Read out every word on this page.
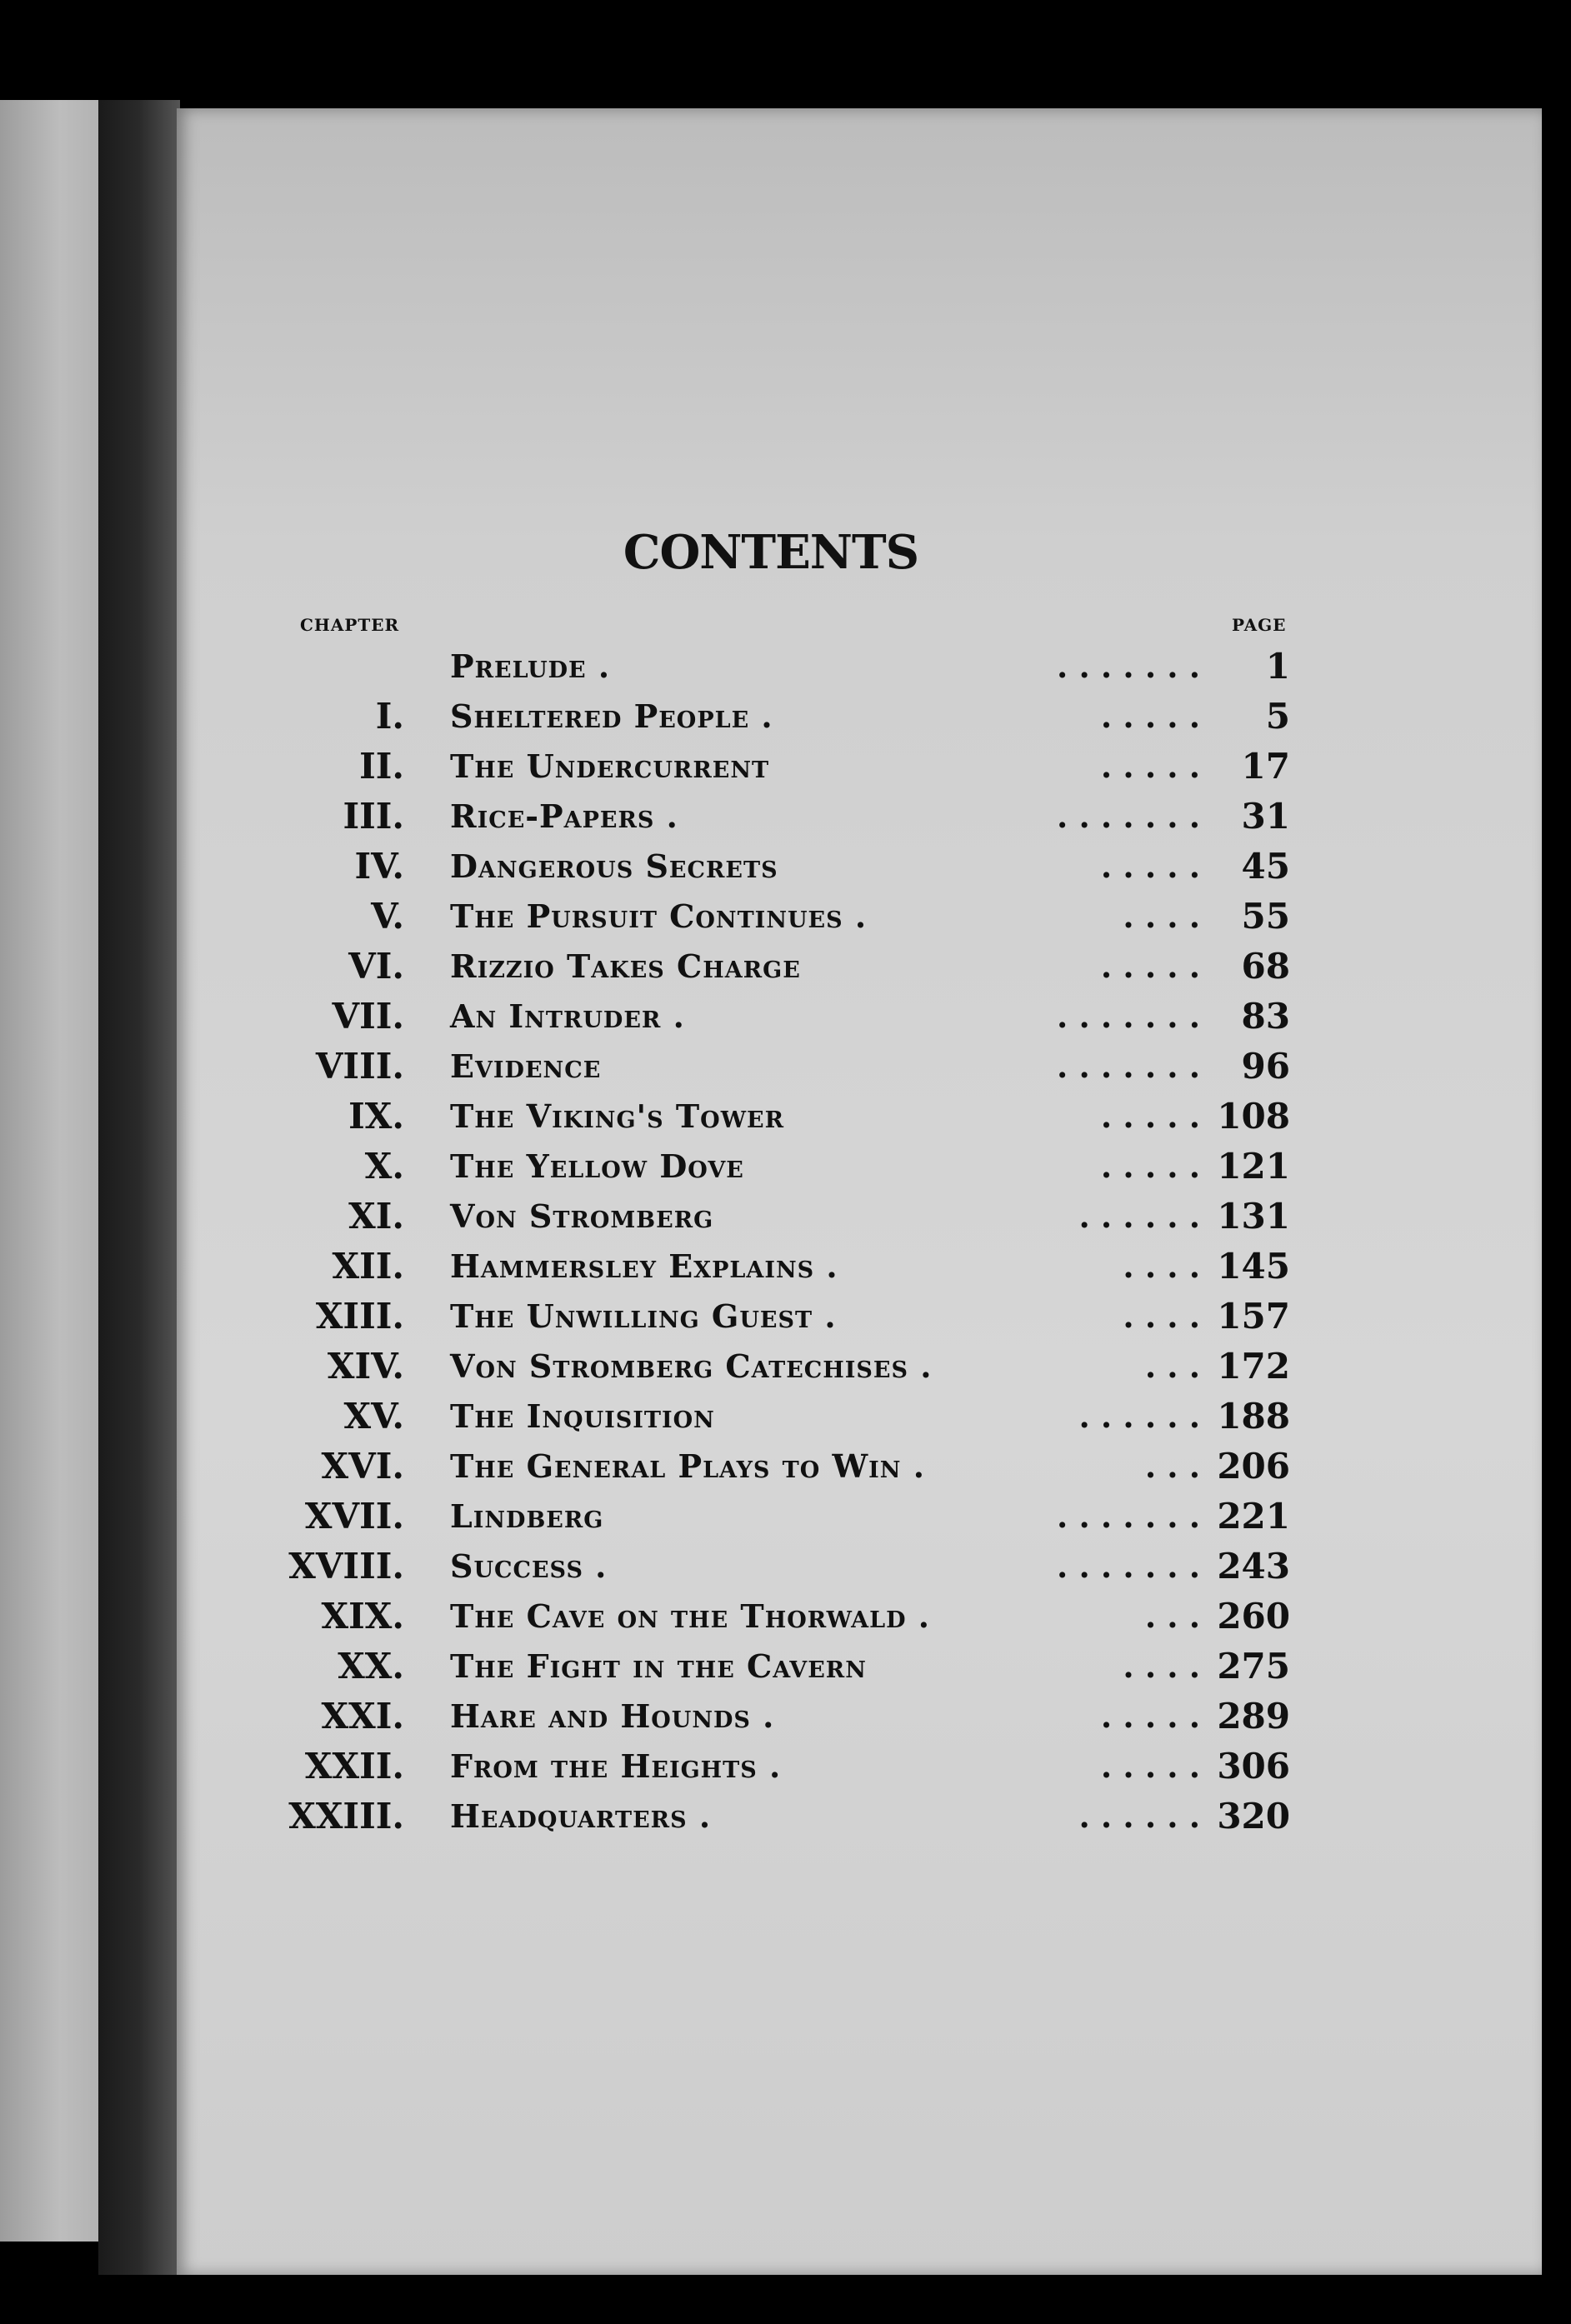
CONTENTS
CHAPTER	PAGE
Prelude .	. . . . . . .	1
I. Sheltered People .	. . . . .	5
II. The Undercurrent	. . . . .	17
III. Rice-Papers .	. . . . . . .	31
IV. Dangerous Secrets	. . . . .	45
V. The Pursuit Continues .	. . . .	55
VI. Rizzio Takes Charge	. . . . .	68
VII. An Intruder .	. . . . . . .	83
VIII. Evidence	. . . . . . .	96
IX. The Viking's Tower	. . . . . 108
X. The Yellow Dove	. . . . . 121
XI. Von Stromberg	. . . . . . 131
XII. Hammersley Explains .	. . . . 145
XIII. The Unwilling Guest .	. . . . 157
XIV. Von Stromberg Catechises .	. . . 172
XV. The Inquisition	. . . . . . 188
XVI. The General Plays to Win .	. . . 206
XVII. Lindberg	. . . . . . . 221
XVIII. Success .	. . . . . . . 243
XIX. The Cave on the Thorwald .	. . . 260
XX. The Fight in the Cavern	. . . . 275
XXI. Hare and Hounds .	. . . . . 289
XXII. From the Heights .	. . . . . 306
XXIII. Headquarters .	. . . . . . 320
